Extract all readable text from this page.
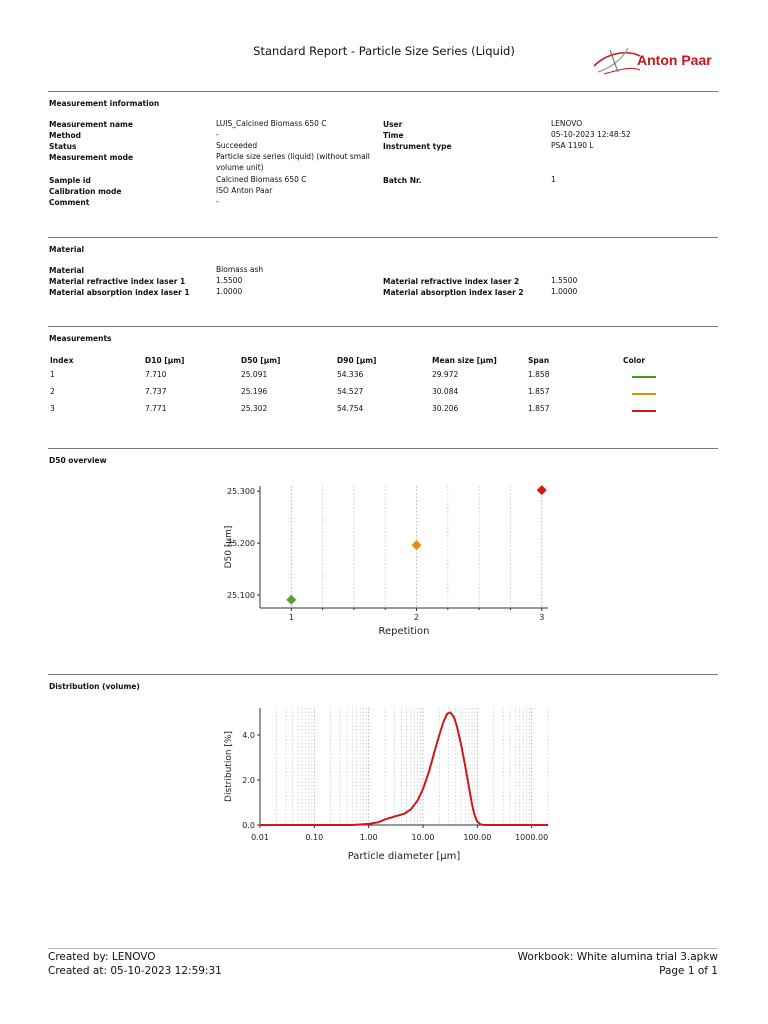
Standard Report - Particle Size Series (Liquid)
Anton Paar
Measurement information
Measurement name	LUIS_Calcined Biomass 650 C
Method	-
Status	Succeeded
Measurement mode	Particle size series (liquid) (without small volume unit)
Sample id	Calcined Biomass 650 C
Calibration mode	ISO Anton Paar
Comment	-
User	LENOVO
Time	05-10-2023 12:48:52
Instrument type	PSA 1190 L
Batch Nr.	1
Material
Material	Biomass ash
Material refractive index laser 1	1.5500
Material absorption index laser 1	1.0000
Material refractive index laser 2	1.5500
Material absorption index laser 2	1.0000
Measurements
Index	D10 [µm]	D50 [µm]	D90 [µm]	Mean size [µm]	Span	Color
1	7.710	25.091	54.336	29.972	1.858
2	7.737	25.196	54.527	30.084	1.857
3	7.771	25.302	54.754	30.206	1.857
D50 overview
25.100
25.200
25.300
1	2	3
Repetition
D50 [µm]
Distribution (volume)
0.0
2.0
4.0
0.01	0.10	1.00	10.00	100.00	1000.00
Particle diameter [µm]
Distribution [%]
Created by: LENOVO
Created at: 05-10-2023 12:59:31
Workbook: White alumina trial 3.apkw
Page 1 of 1
